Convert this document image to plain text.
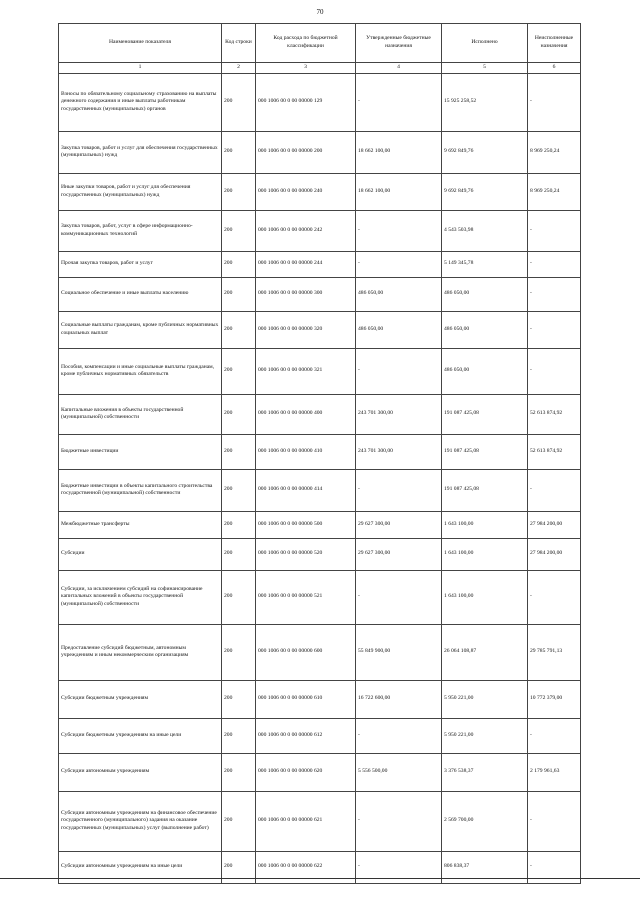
70
Наименование показателя	Код строки	Код расхода по бюджетной классификации	Утвержденные бюджетные назначения	Исполнено	Неисполненные назначения
1	2	3	4	5	6
Взносы по обязательному социальному страхованию на выплаты денежного содержания и иные выплаты работникам государственных (муниципальных) органов	200	000 1006 00 0 00 00000 129	-	15 925 258,52	-
Закупка товаров, работ и услуг для обеспечения государственных (муниципальных) нужд	200	000 1006 00 0 00 00000 200	18 662 100,00	9 692 849,76	8 969 250,24
Иные закупки товаров, работ и услуг для обеспечения государственных (муниципальных) нужд	200	000 1006 00 0 00 00000 240	18 662 100,00	9 692 849,76	8 969 250,24
Закупка товаров, работ, услуг в сфере информационно-коммуникационных технологий	200	000 1006 00 0 00 00000 242	-	4 543 503,98	-
Прочая закупка товаров, работ и услуг	200	000 1006 00 0 00 00000 244	-	5 149 345,78	-
Социальное обеспечение и иные выплаты населению	200	000 1006 00 0 00 00000 300	486 050,00	486 050,00	-
Социальные выплаты гражданам, кроме публичных нормативных социальных выплат	200	000 1006 00 0 00 00000 320	486 050,00	486 050,00	-
Пособия, компенсации и иные социальные выплаты гражданам, кроме публичных нормативных обязательств	200	000 1006 00 0 00 00000 321	-	486 050,00	-
Капитальные вложения в объекты государственной (муниципальной) собственности	200	000 1006 00 0 00 00000 400	243 701 300,00	191 087 425,08	52 613 874,92
Бюджетные инвестиции	200	000 1006 00 0 00 00000 410	243 701 300,00	191 087 425,08	52 613 874,92
Бюджетные инвестиции в объекты капитального строительства государственной (муниципальной) собственности	200	000 1006 00 0 00 00000 414	-	191 087 425,08	-
Межбюджетные трансферты	200	000 1006 00 0 00 00000 500	29 627 300,00	1 643 100,00	27 984 200,00
Субсидии	200	000 1006 00 0 00 00000 520	29 627 300,00	1 643 100,00	27 984 200,00
Субсидии, за исключением субсидий на софинансирование капитальных вложений в объекты государственной (муниципальной) собственности	200	000 1006 00 0 00 00000 521	-	1 643 100,00	-
Предоставление субсидий бюджетным, автономным учреждениям и иным некоммерческим организациям	200	000 1006 00 0 00 00000 600	55 849 900,00	26 064 108,87	29 785 791,13
Субсидии бюджетным учреждениям	200	000 1006 00 0 00 00000 610	16 722 600,00	5 950 221,00	10 772 379,00
Субсидии бюджетным учреждениям на иные цели	200	000 1006 00 0 00 00000 612	-	5 950 221,00	-
Субсидии автономным учреждениям	200	000 1006 00 0 00 00000 620	5 556 500,00	3 376 538,37	2 179 961,63
Субсидии автономным учреждениям на финансовое обеспечение государственного (муниципального) задания на оказание государственных (муниципальных) услуг (выполнение работ)	200	000 1006 00 0 00 00000 621	-	2 569 700,00	-
Субсидии автономным учреждениям на иные цели	200	000 1006 00 0 00 00000 622	-	806 838,37	-
